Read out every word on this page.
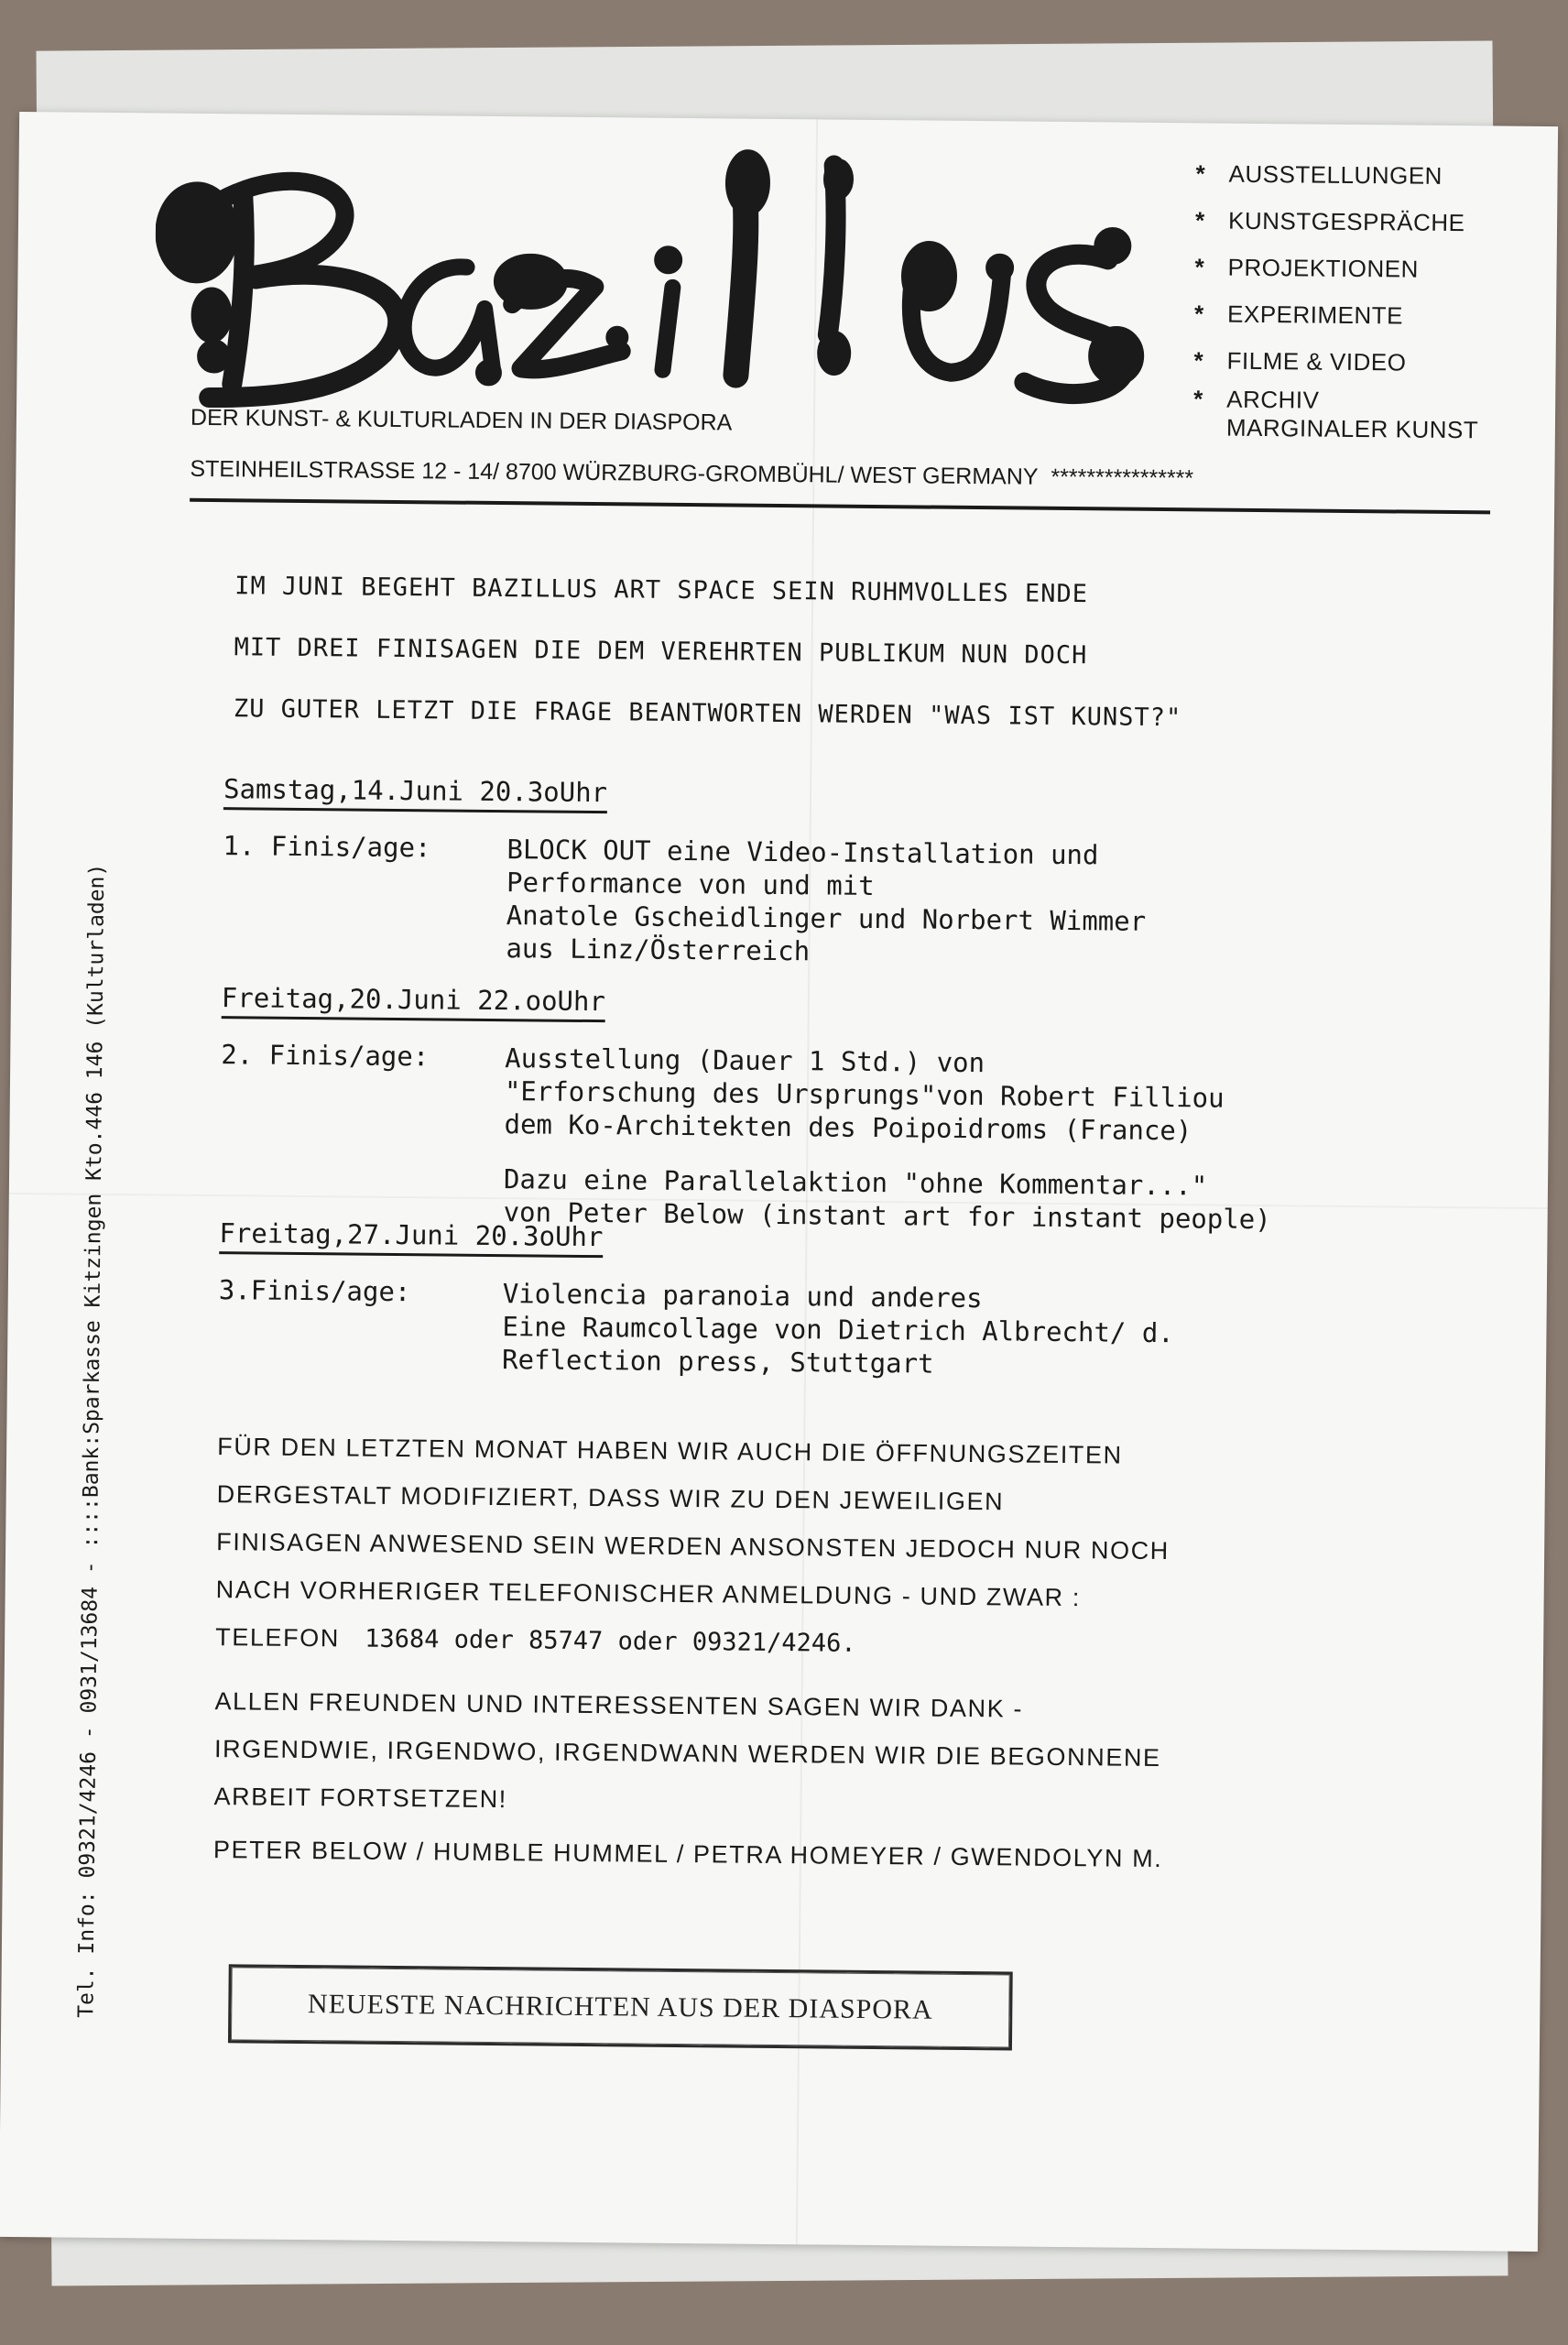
* AUSSTELLUNGEN
* KUNSTGESPRÄCHE
* PROJEKTIONEN
* EXPERIMENTE
* FILME & VIDEO
* ARCHIV
MARGINALER KUNST
DER KUNST- & KULTURLADEN IN DER DIASPORA
STEINHEILSTRASSE 12 - 14/ 8700 WÜRZBURG-GROMBÜHL/ WEST GERMANY ****************
Tel. Info: 09321/4246 - 0931/13684 - ::::Bank:Sparkasse Kitzingen Kto.446 146 (Kulturladen)

IM JUNI BEGEHT BAZILLUS ART SPACE SEIN RUHMVOLLES ENDE

MIT DREI FINISAGEN DIE DEM VEREHRTEN PUBLIKUM NUN DOCH

ZU GUTER LETZT DIE FRAGE BEANTWORTEN WERDEN "WAS IST KUNST?"

Samstag,14.Juni 20.3oUhr
1. Finis/age:	BLOCK OUT eine Video-Installation und
Performance von und mit
Anatole Gscheidlinger und Norbert Wimmer
aus Linz/Österreich
Freitag,20.Juni 22.ooUhr
2. Finis/age:	Ausstellung (Dauer 1 Std.) von
"Erforschung des Ursprungs"von Robert Filliou
dem Ko-Architekten des Poipoidroms (France)
Dazu eine Parallelaktion "ohne Kommentar..."
von Peter Below (instant art for instant people)
Freitag,27.Juni 20.3oUhr
3.Finis/age:	Violencia paranoia und anderes
Eine Raumcollage von Dietrich Albrecht/ d.
Reflection press, Stuttgart
FÜR DEN LETZTEN MONAT HABEN WIR AUCH DIE ÖFFNUNGSZEITEN
DERGESTALT MODIFIZIERT, DASS WIR ZU DEN JEWEILIGEN
FINISAGEN ANWESEND SEIN WERDEN ANSONSTEN JEDOCH NUR NOCH
NACH VORHERIGER TELEFONISCHER ANMELDUNG - UND ZWAR :
TELEFON 13684 oder 85747 oder 09321/4246.
ALLEN FREUNDEN UND INTERESSENTEN SAGEN WIR DANK -
IRGENDWIE, IRGENDWO, IRGENDWANN WERDEN WIR DIE BEGONNENE
ARBEIT FORTSETZEN!
PETER BELOW / HUMBLE HUMMEL / PETRA HOMEYER / GWENDOLYN M.
NEUESTE NACHRICHTEN AUS DER DIASPORA
